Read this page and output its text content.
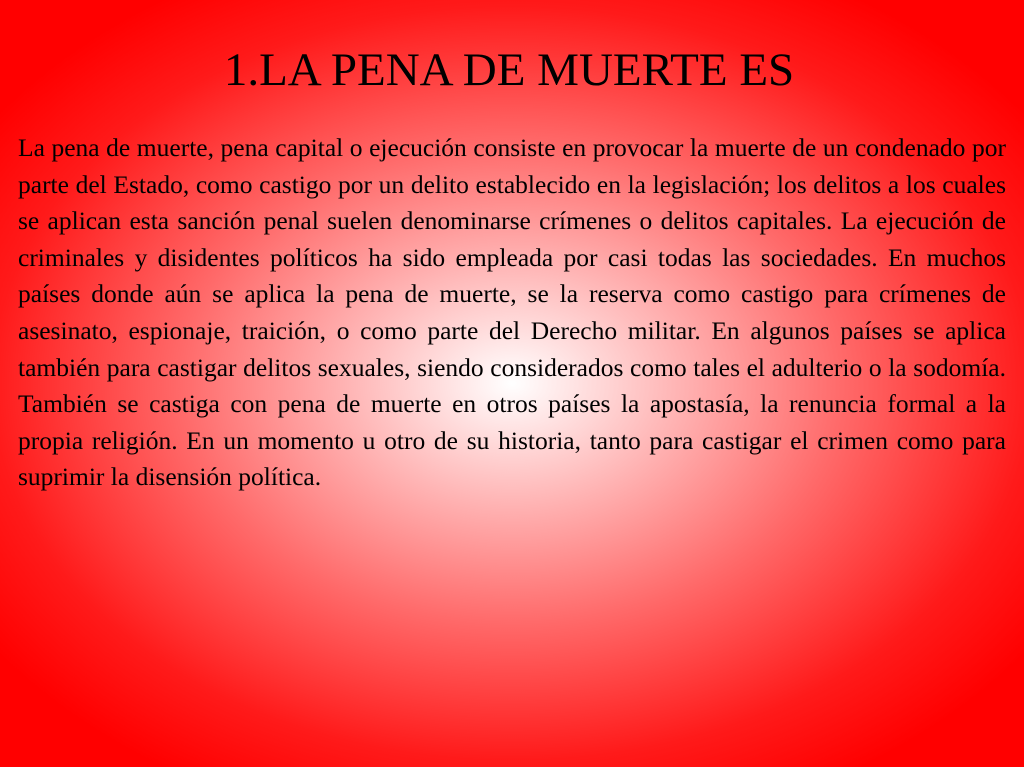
1.LA PENA DE MUERTE ES

La pena de muerte, pena capital o ejecución consiste en provocar la muerte de un condenado por parte del Estado, como castigo por un delito establecido en la legislación; los delitos a los cuales se aplican esta sanción penal suelen denominarse crímenes o delitos capitales. La ejecución de criminales y disidentes políticos ha sido empleada por casi todas las sociedades. En muchos países donde aún se aplica la pena de muerte, se la reserva como castigo para crímenes de asesinato, espionaje, traición, o como parte del Derecho militar. En algunos países se aplica también para castigar delitos sexuales, siendo considerados como tales el adulterio o la sodomía. También se castiga con pena de muerte en otros países la apostasía, la renuncia formal a la propia religión. En un momento u otro de su historia, tanto para castigar el crimen como para suprimir la disensión política.
